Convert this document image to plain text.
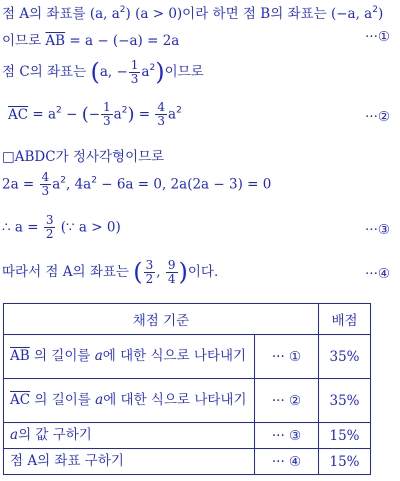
점 A의 좌표를 (a, $a^2$) (a > 0)이라 하면 점 B의 좌표는 (−a, $a^2$)
이므로 $\overline{AB} = a - (-a) = 2a$	···①
점 C의 좌표는 (a, − $\frac{1}{3} a^2$)이므로
$\overline{AC} = a^2$ − (− $\frac{1}{3} a^2) = \frac{4}{3} a^2$	···②
□ABDC가 정사각형이므로
$2a = \frac{4}{3} a^2$, $4a^2 - 6a = 0$, 2a(2a − 3) = 0
∴ $a = \frac{3}{2}$ (∵ a > 0)	···③
따라서 점 A의 좌표는 ( $\frac{3}{2}$ , $\frac{9}{4}$ )이다.	···④
채점 기준		배점
$\overline{AB}$ 의 길이를 a에 대한 식으로 나타내기	··· ①	35%
$\overline{AC}$ 의 길이를 a에 대한 식으로 나타내기	··· ②	35%
a의 값 구하기	··· ③	15%
점 A의 좌표 구하기	··· ④	15%
